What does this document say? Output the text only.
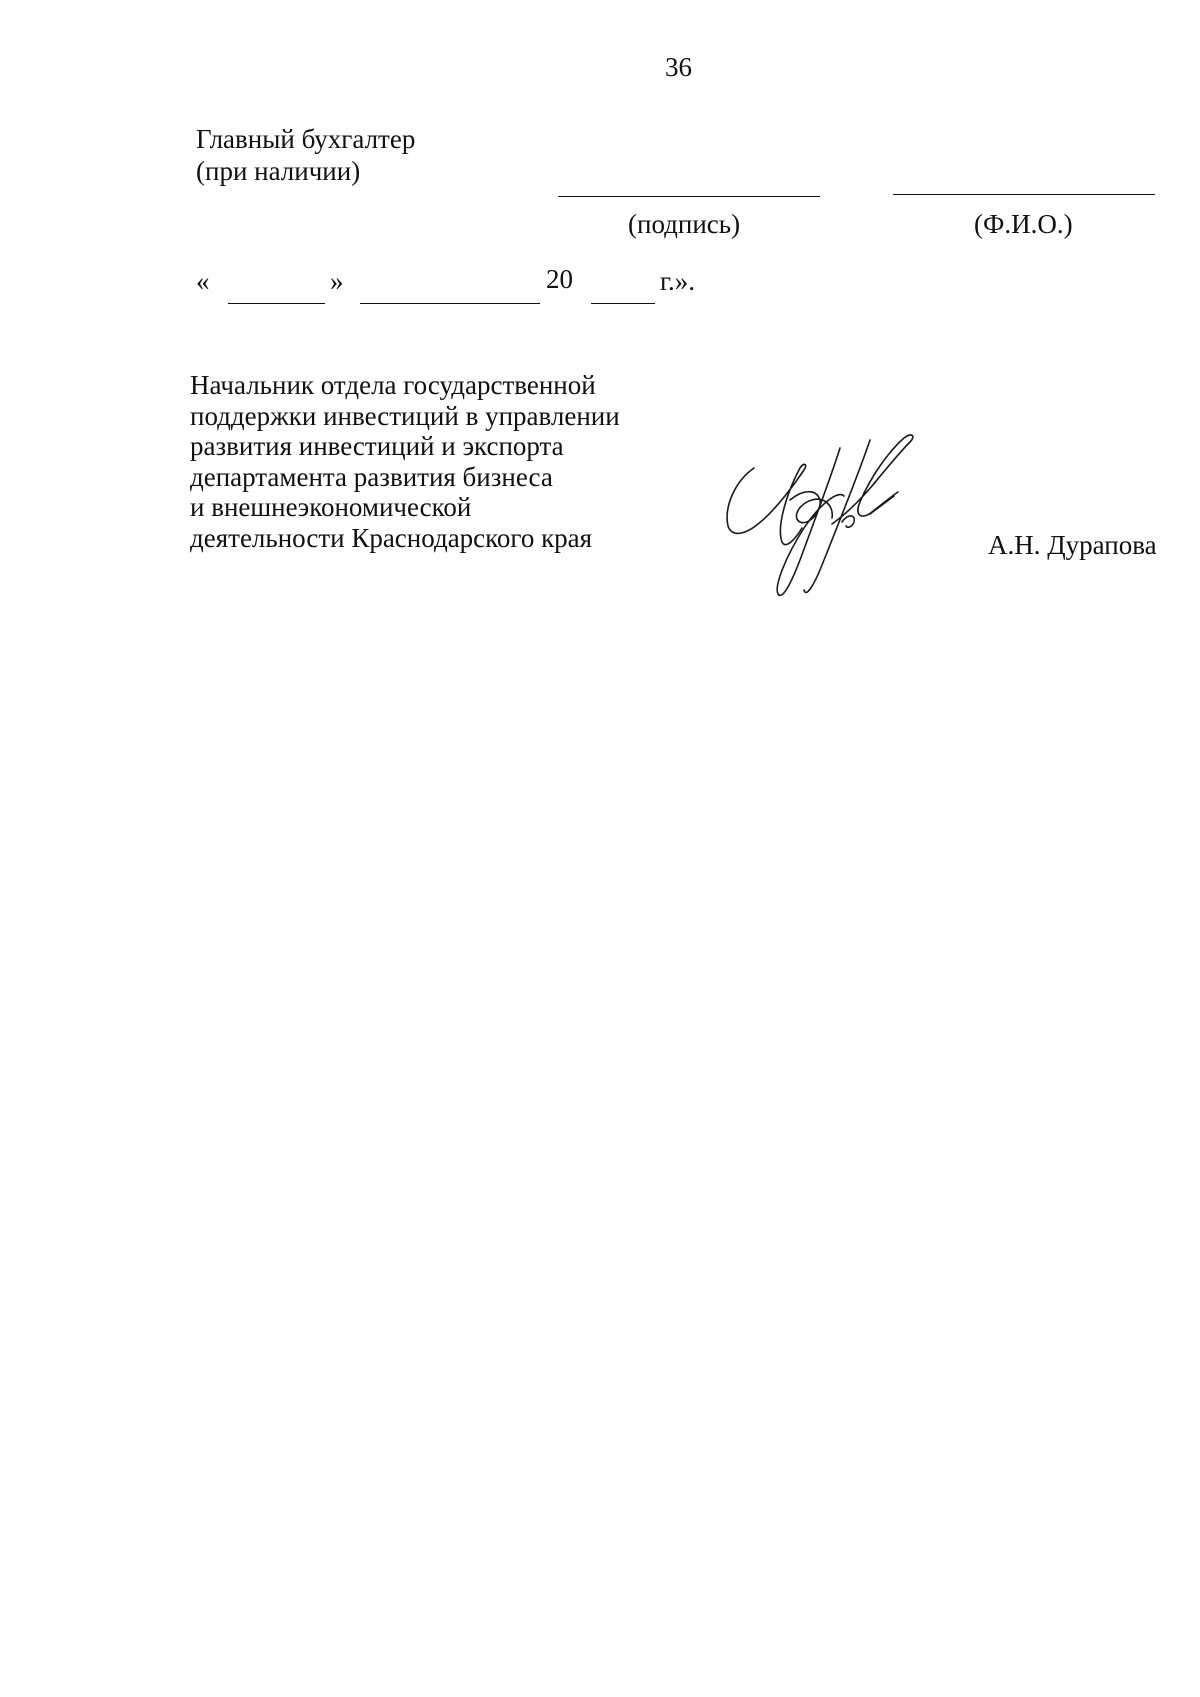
36
Главный бухгалтер
(при наличии)
(подпись)	(Ф.И.О.)
«	»	20	г.».
Начальник отдела государственной
поддержки инвестиций в управлении
развития инвестиций и экспорта
департамента развития бизнеса
и внешнеэкономической
деятельности Краснодарского края	А.Н. Дурапова
